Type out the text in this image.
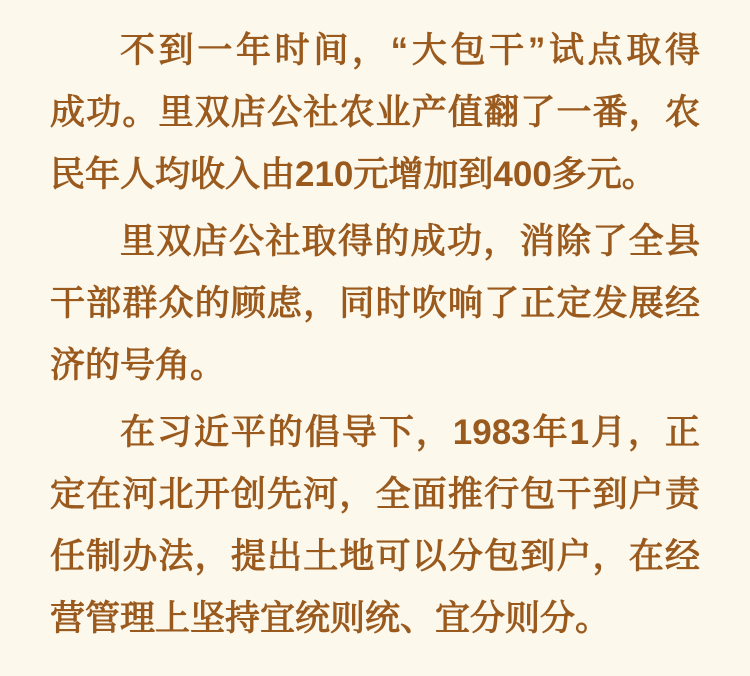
不到一年时间，“大包干”试点取得
成功。里双店公社农业产值翻了一番，农
民年人均收入由210元增加到400多元。
里双店公社取得的成功，消除了全县
干部群众的顾虑，同时吹响了正定发展经
济的号角。
在习近平的倡导下，1983年1月，正
定在河北开创先河，全面推行包干到户责
任制办法，提出土地可以分包到户，在经
营管理上坚持宜统则统、宜分则分。
